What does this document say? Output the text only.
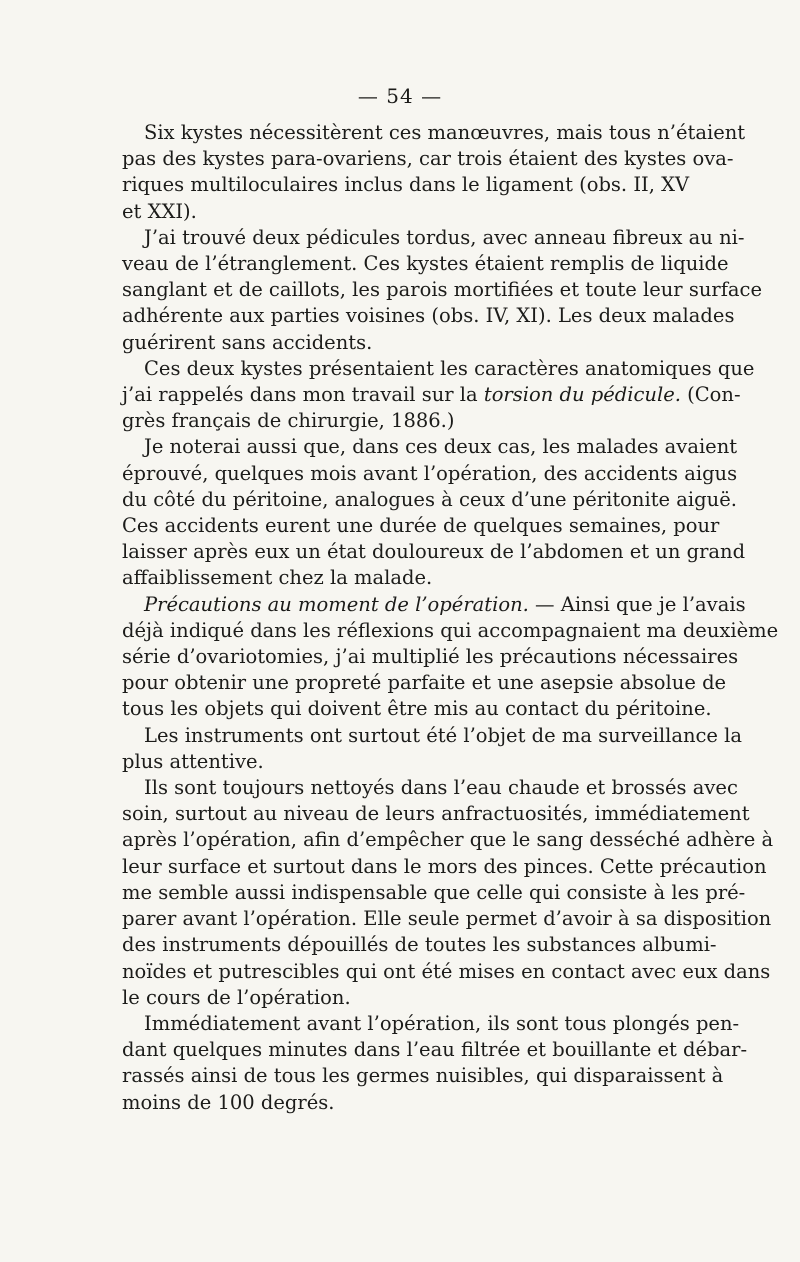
— 54 —
Six kystes nécessitèrent ces manœuvres, mais tous n’étaient
pas des kystes para-ovariens, car trois étaient des kystes ova-
riques multiloculaires inclus dans le ligament (obs. II, XV
et XXI).
J’ai trouvé deux pédicules tordus, avec anneau fibreux au ni-
veau de l’étranglement. Ces kystes étaient remplis de liquide
sanglant et de caillots, les parois mortifiées et toute leur surface
adhérente aux parties voisines (obs. IV, XI). Les deux malades
guérirent sans accidents.
Ces deux kystes présentaient les caractères anatomiques que
j’ai rappelés dans mon travail sur la torsion du pédicule. (Con-
grès français de chirurgie, 1886.)
Je noterai aussi que, dans ces deux cas, les malades avaient
éprouvé, quelques mois avant l’opération, des accidents aigus
du côté du péritoine, analogues à ceux d’une péritonite aiguë.
Ces accidents eurent une durée de quelques semaines, pour
laisser après eux un état douloureux de l’abdomen et un grand
affaiblissement chez la malade.
Précautions au moment de l’opération. — Ainsi que je l’avais
déjà indiqué dans les réflexions qui accompagnaient ma deuxième
série d’ovariotomies, j’ai multiplié les précautions nécessaires
pour obtenir une propreté parfaite et une asepsie absolue de
tous les objets qui doivent être mis au contact du péritoine.
Les instruments ont surtout été l’objet de ma surveillance la
plus attentive.
Ils sont toujours nettoyés dans l’eau chaude et brossés avec
soin, surtout au niveau de leurs anfractuosités, immédiatement
après l’opération, afin d’empêcher que le sang desséché adhère à
leur surface et surtout dans le mors des pinces. Cette précaution
me semble aussi indispensable que celle qui consiste à les pré-
parer avant l’opération. Elle seule permet d’avoir à sa disposition
des instruments dépouillés de toutes les substances albumi-
noïdes et putrescibles qui ont été mises en contact avec eux dans
le cours de l’opération.
Immédiatement avant l’opération, ils sont tous plongés pen-
dant quelques minutes dans l’eau filtrée et bouillante et débar-
rassés ainsi de tous les germes nuisibles, qui disparaissent à
moins de 100 degrés.
